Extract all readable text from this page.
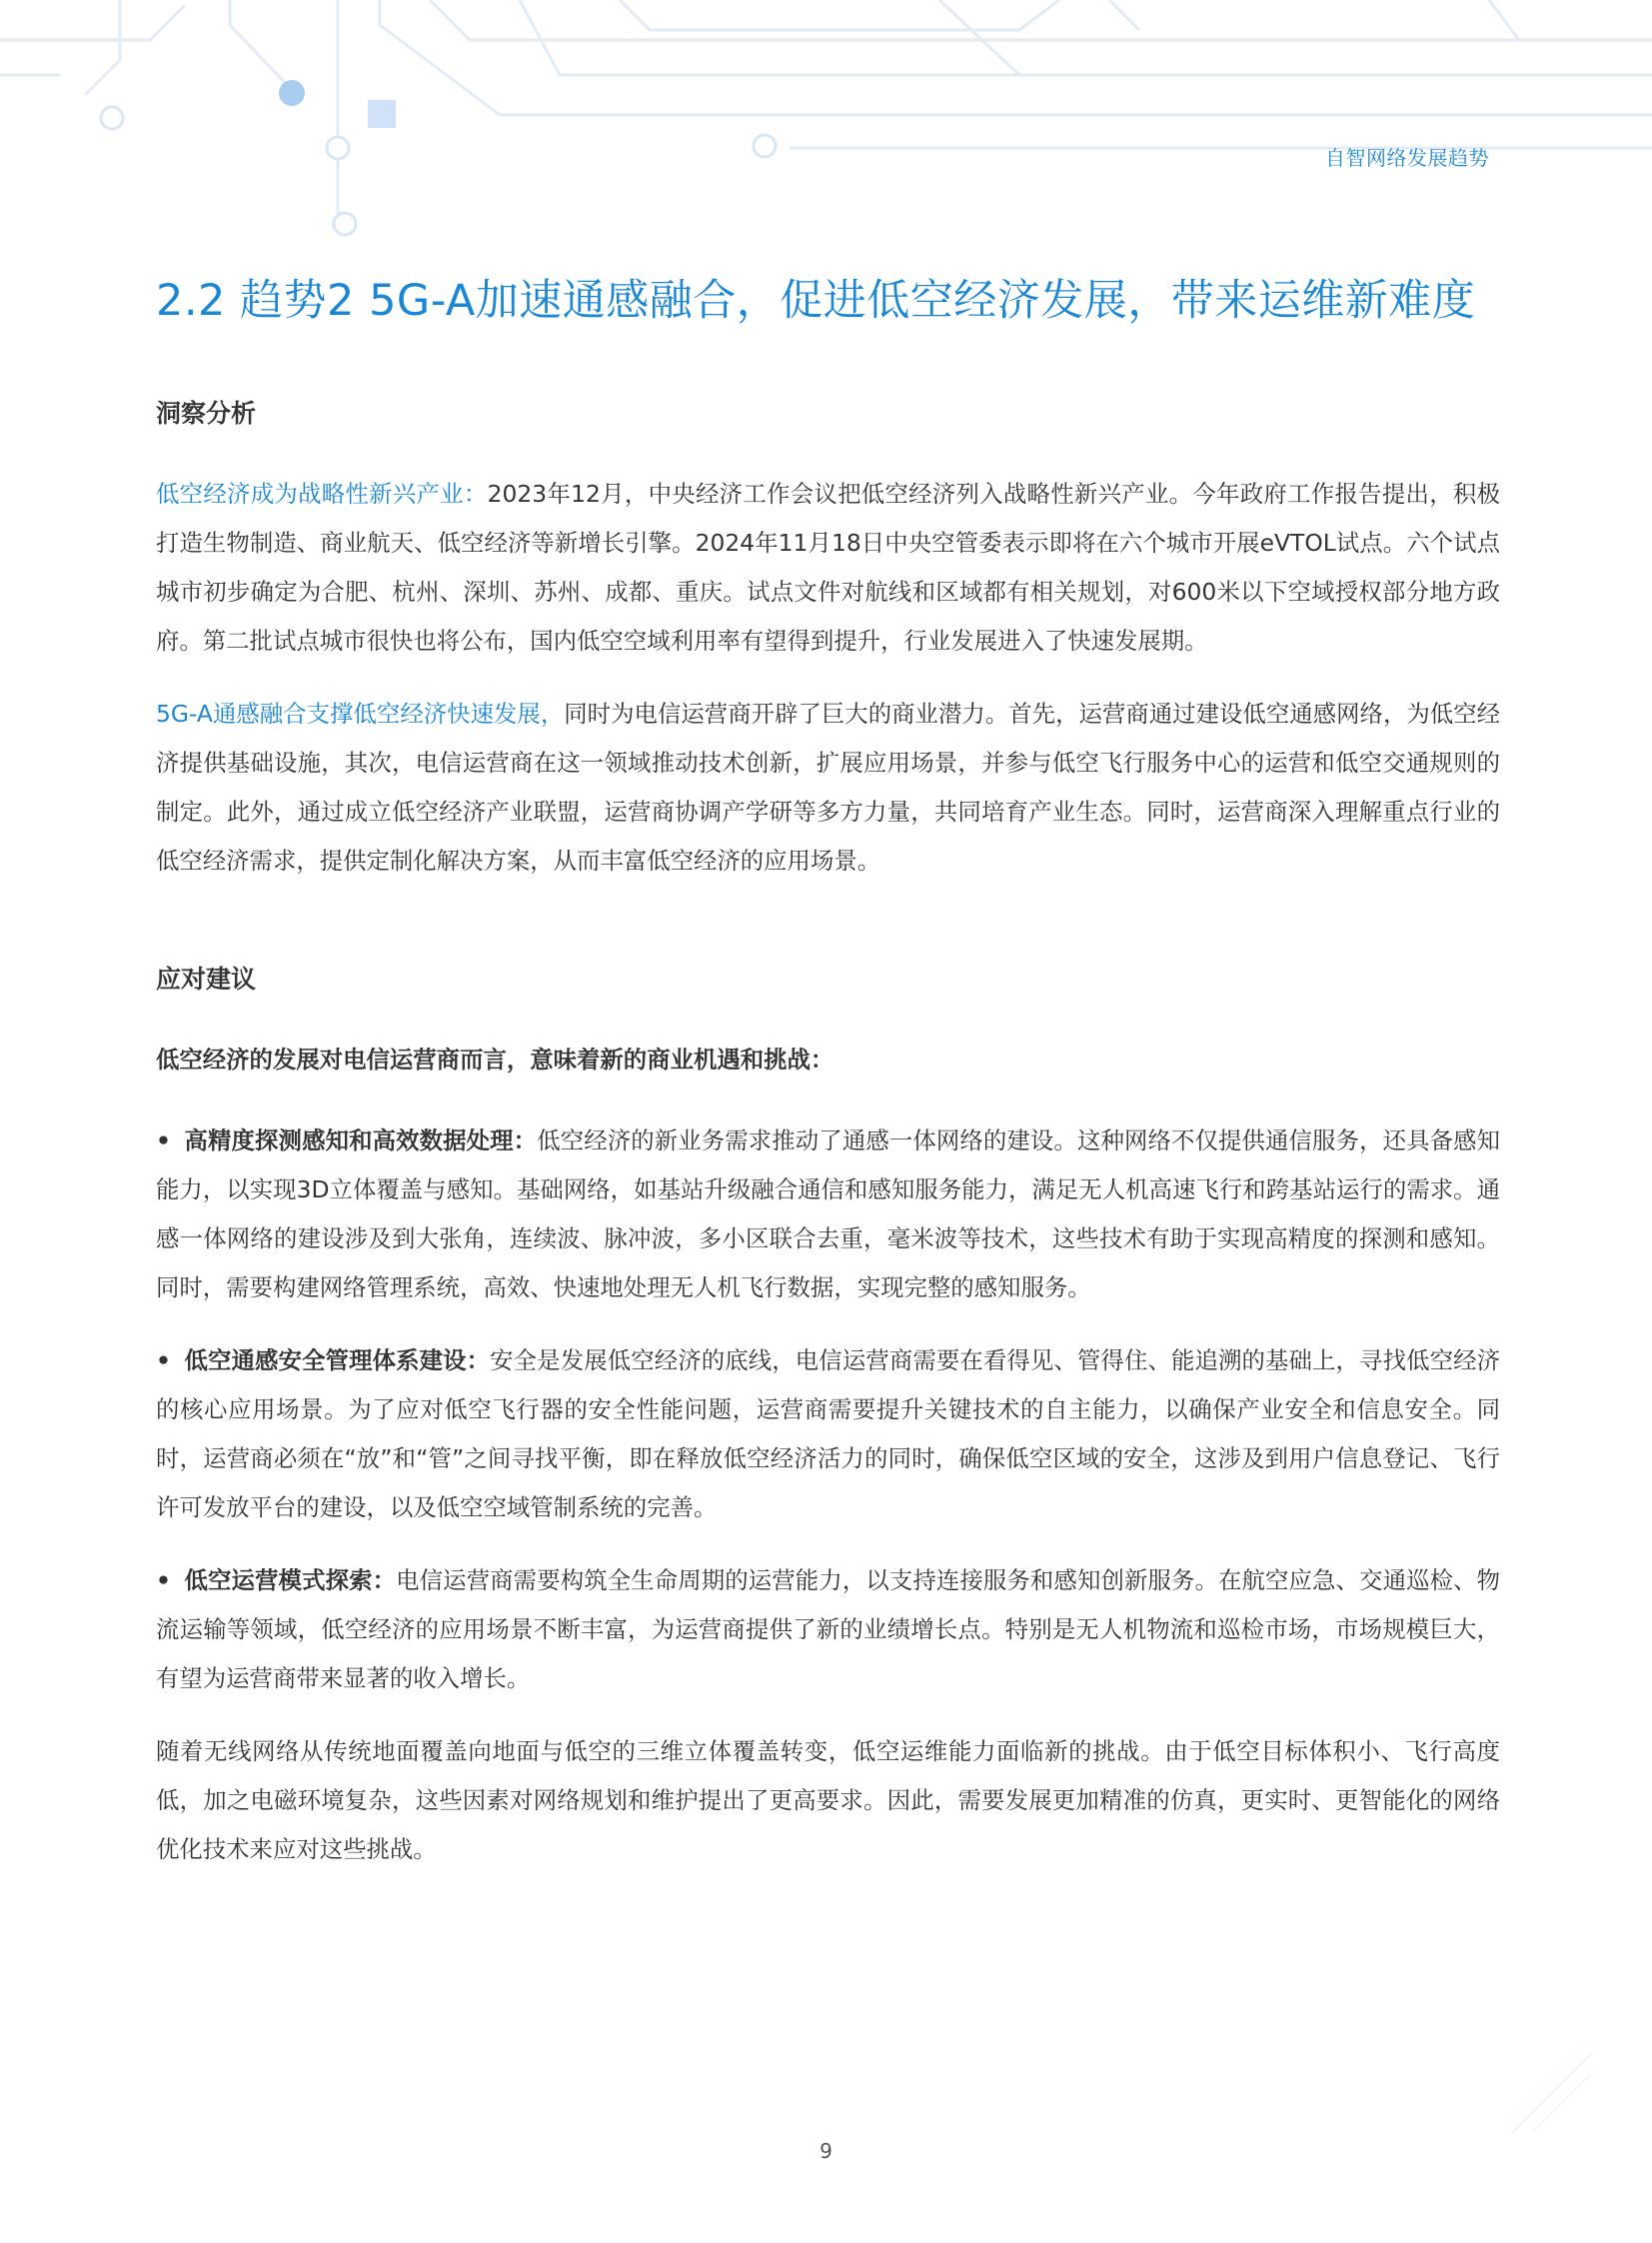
自智网络发展趋势
2.2 趋势2 5G-A加速通感融合，促进低空经济发展，带来运维新难度
洞察分析

低空经济成为战略性新兴产业：2023年12月，中央经济工作会议把低空经济列入战略性新兴产业。今年政府工作报告提出，积极打造生物制造、商业航天、低空经济等新增长引擎。2024年11月18日中央空管委表示即将在六个城市开展eVTOL试点。六个试点城市初步确定为合肥、杭州、深圳、苏州、成都、重庆。试点文件对航线和区域都有相关规划，对600米以下空域授权部分地方政府。第二批试点城市很快也将公布，国内低空空域利用率有望得到提升，行业发展进入了快速发展期。

5G-A通感融合支撑低空经济快速发展，同时为电信运营商开辟了巨大的商业潜力。首先，运营商通过建设低空通感网络，为低空经济提供基础设施，其次，电信运营商在这一领域推动技术创新，扩展应用场景，并参与低空飞行服务中心的运营和低空交通规则的制定。此外，通过成立低空经济产业联盟，运营商协调产学研等多方力量，共同培育产业生态。同时，运营商深入理解重点行业的低空经济需求，提供定制化解决方案，从而丰富低空经济的应用场景。

应对建议

低空经济的发展对电信运营商而言，意味着新的商业机遇和挑战：

• 高精度探测感知和高效数据处理：低空经济的新业务需求推动了通感一体网络的建设。这种网络不仅提供通信服务，还具备感知能力，以实现3D立体覆盖与感知。基础网络，如基站升级融合通信和感知服务能力，满足无人机高速飞行和跨基站运行的需求。通感一体网络的建设涉及到大张角，连续波、脉冲波，多小区联合去重，毫米波等技术，这些技术有助于实现高精度的探测和感知。同时，需要构建网络管理系统，高效、快速地处理无人机飞行数据，实现完整的感知服务。

• 低空通感安全管理体系建设：安全是发展低空经济的底线，电信运营商需要在看得见、管得住、能追溯的基础上，寻找低空经济的核心应用场景。为了应对低空飞行器的安全性能问题，运营商需要提升关键技术的自主能力，以确保产业安全和信息安全。同时，运营商必须在“放”和“管”之间寻找平衡，即在释放低空经济活力的同时，确保低空区域的安全，这涉及到用户信息登记、飞行许可发放平台的建设，以及低空空域管制系统的完善。

• 低空运营模式探索：电信运营商需要构筑全生命周期的运营能力，以支持连接服务和感知创新服务。在航空应急、交通巡检、物流运输等领域，低空经济的应用场景不断丰富，为运营商提供了新的业绩增长点。特别是无人机物流和巡检市场，市场规模巨大，有望为运营商带来显著的收入增长。

随着无线网络从传统地面覆盖向地面与低空的三维立体覆盖转变，低空运维能力面临新的挑战。由于低空目标体积小、飞行高度低，加之电磁环境复杂，这些因素对网络规划和维护提出了更高要求。因此，需要发展更加精准的仿真，更实时、更智能化的网络优化技术来应对这些挑战。

9
